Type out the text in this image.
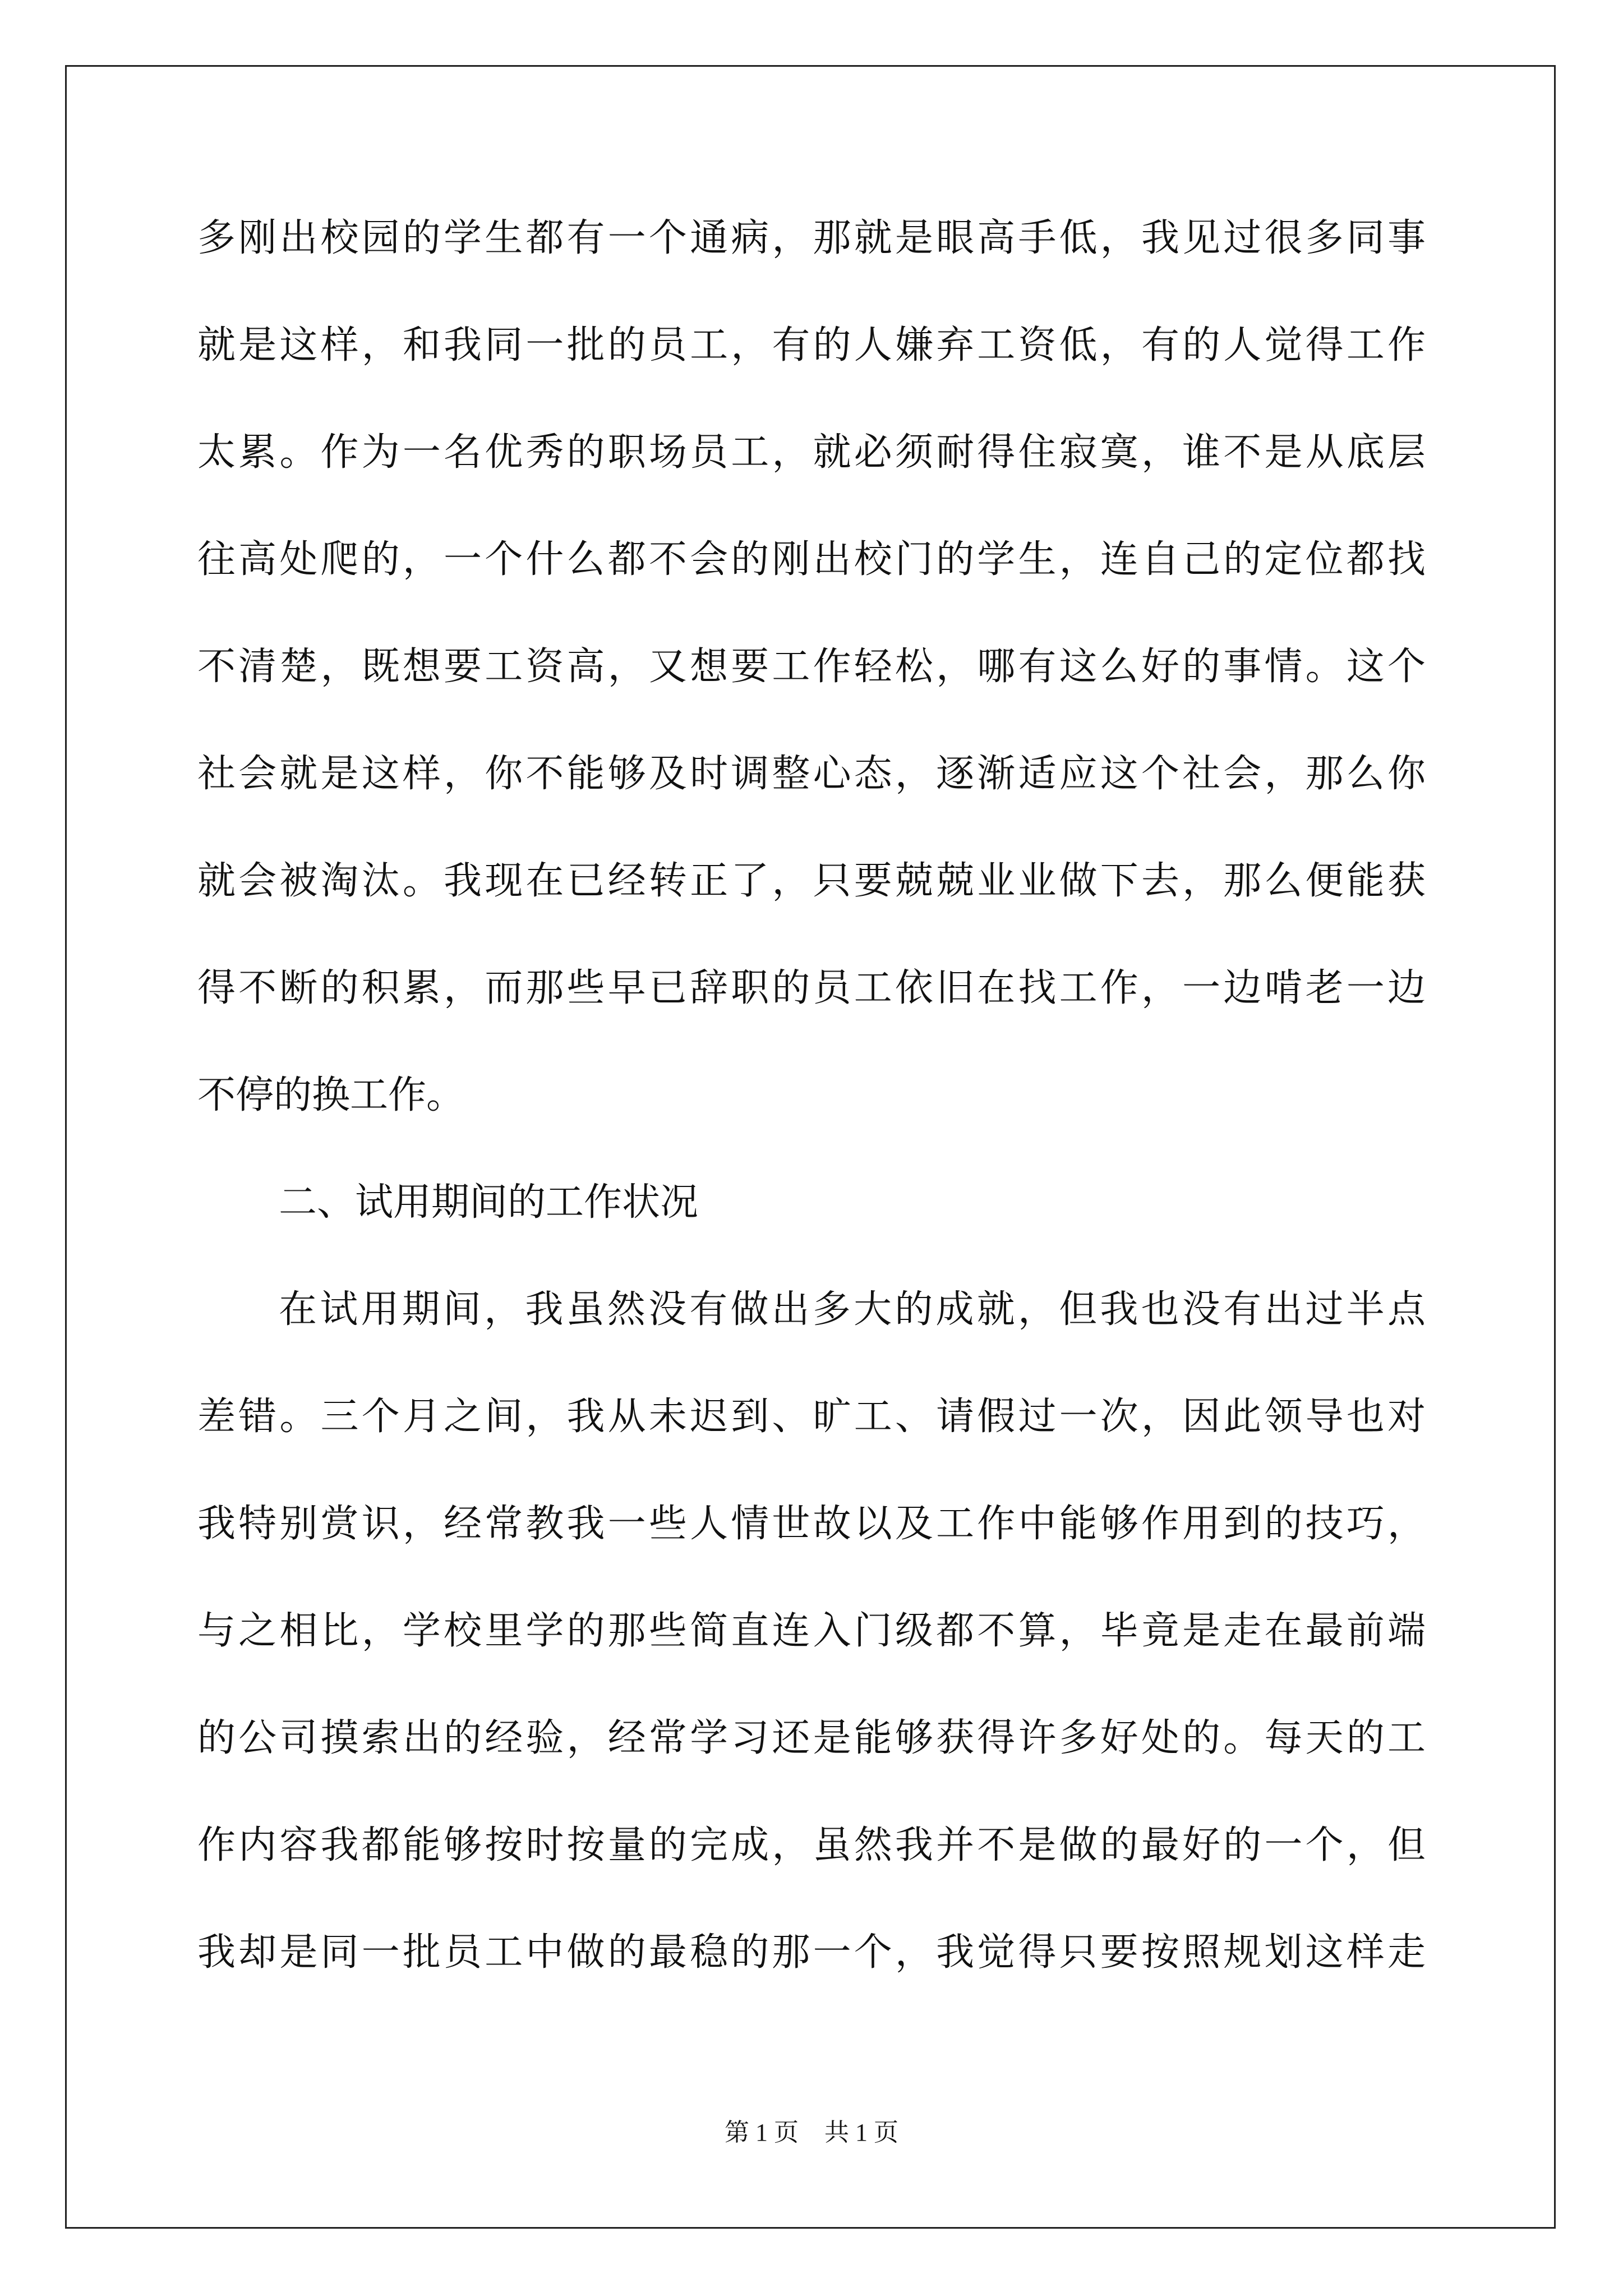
多刚出校园的学生都有一个通病，那就是眼高手低，我见过很多同事
就是这样，和我同一批的员工，有的人嫌弃工资低，有的人觉得工作
太累。作为一名优秀的职场员工，就必须耐得住寂寞，谁不是从底层
往高处爬的，一个什么都不会的刚出校门的学生，连自己的定位都找
不清楚，既想要工资高，又想要工作轻松，哪有这么好的事情。这个
社会就是这样，你不能够及时调整心态，逐渐适应这个社会，那么你
就会被淘汰。我现在已经转正了，只要兢兢业业做下去，那么便能获
得不断的积累，而那些早已辞职的员工依旧在找工作，一边啃老一边
不停的换工作。
二、试用期间的工作状况
在试用期间，我虽然没有做出多大的成就，但我也没有出过半点
差错。三个月之间，我从未迟到、旷工、请假过一次，因此领导也对
我特别赏识，经常教我一些人情世故以及工作中能够作用到的技巧，
与之相比，学校里学的那些简直连入门级都不算，毕竟是走在最前端
的公司摸索出的经验，经常学习还是能够获得许多好处的。每天的工
作内容我都能够按时按量的完成，虽然我并不是做的最好的一个，但
我却是同一批员工中做的最稳的那一个，我觉得只要按照规划这样走
第 1 页 共 1 页
